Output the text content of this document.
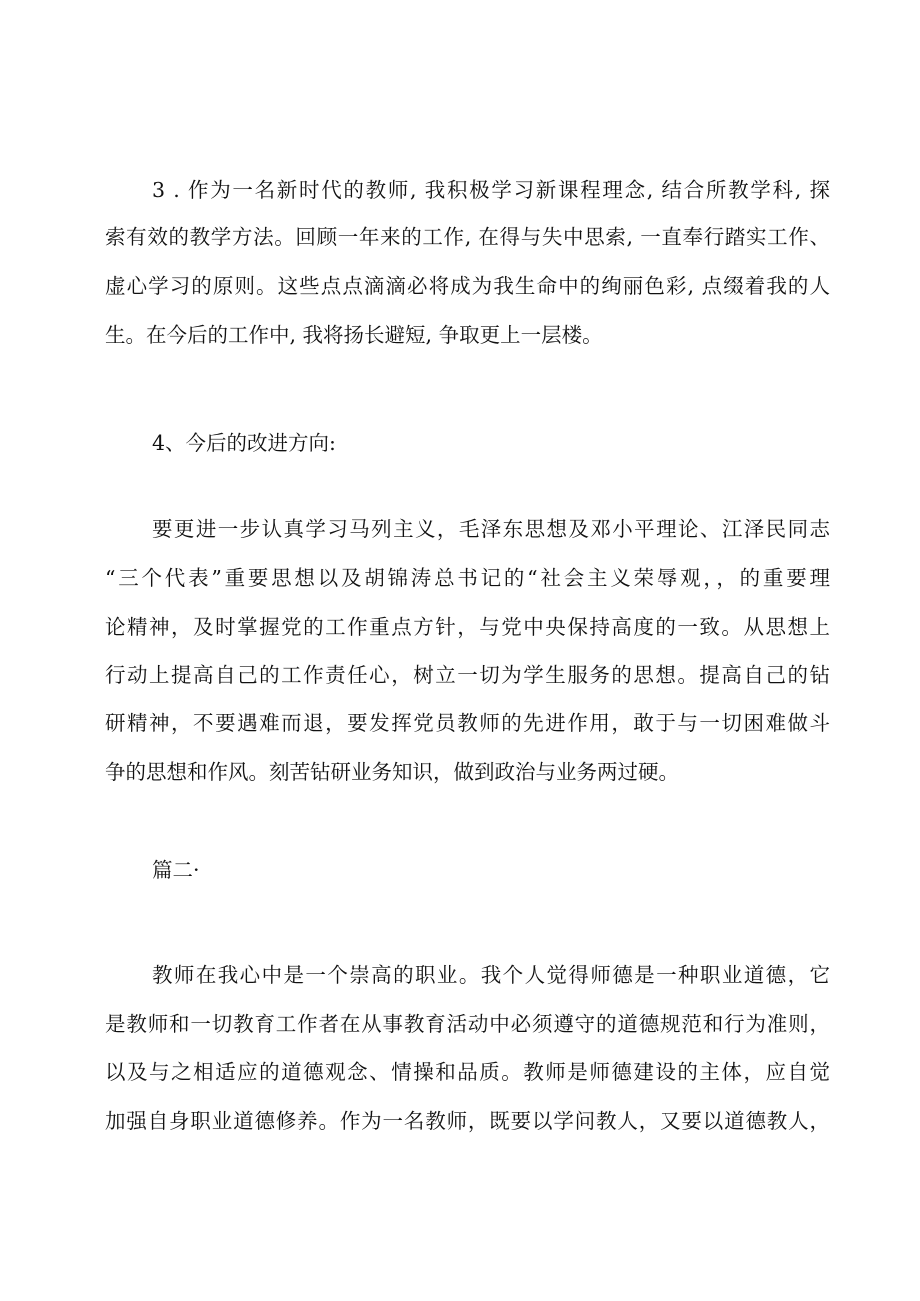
3 . 作为一名新时代的教师, 我积极学习新课程理念, 结合所教学科, 探
索有效的教学方法。回顾一年来的工作, 在得与失中思索, 一直奉行踏实工作、
虚心学习的原则。这些点点滴滴必将成为我生命中的绚丽色彩, 点缀着我的人
生。在今后的工作中, 我将扬长避短, 争取更上一层楼。
4、今后的改进方向:
要更进一步认真学习马列主义，毛泽东思想及邓小平理论、江泽民同志
“三个代表”重要思想以及胡锦涛总书记的“社会主义荣辱观，，的重要理
论精神，及时掌握党的工作重点方针，与党中央保持高度的一致。从思想上
行动上提高自己的工作责任心，树立一切为学生服务的思想。提高自己的钻
研精神，不要遇难而退，要发挥党员教师的先进作用，敢于与一切困难做斗
争的思想和作风。刻苦钻研业务知识，做到政治与业务两过硬。
篇二·
教师在我心中是一个崇高的职业。我个人觉得师德是一种职业道德，它
是教师和一切教育工作者在从事教育活动中必须遵守的道德规范和行为准则，
以及与之相适应的道德观念、情操和品质。教师是师德建设的主体，应自觉
加强自身职业道德修养。作为一名教师，既要以学问教人，又要以道德教人，
